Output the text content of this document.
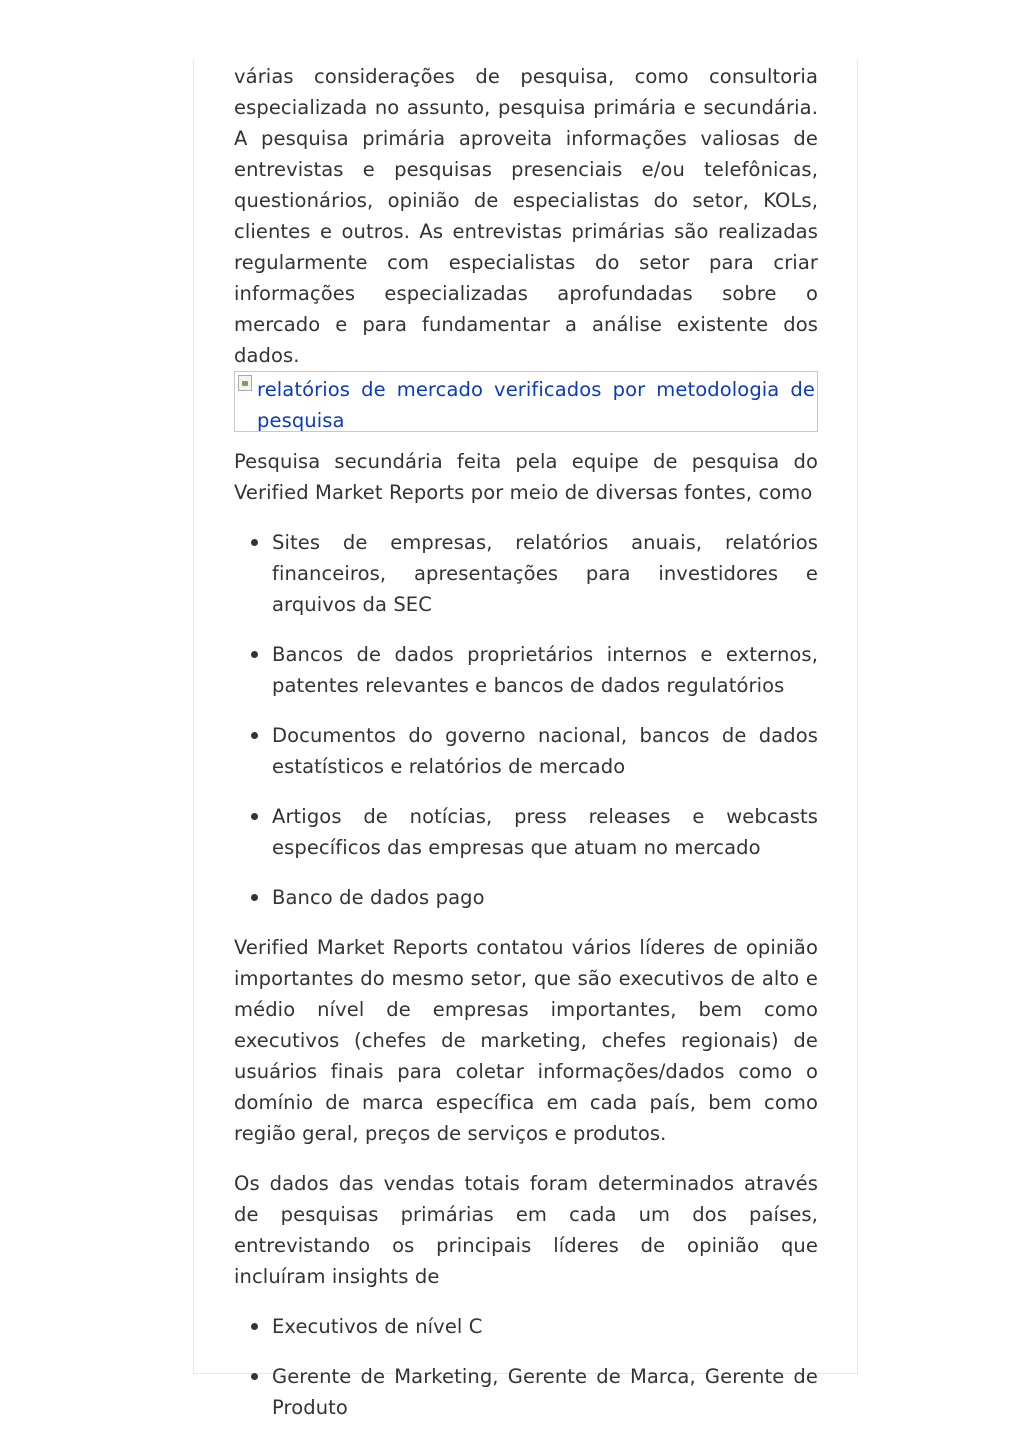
várias considerações de pesquisa, como consultoria especializada no assunto, pesquisa primária e secundária. A pesquisa primária aproveita informações valiosas de entrevistas e pesquisas presenciais e/ou telefônicas, questionários, opinião de especialistas do setor, KOLs, clientes e outros. As entrevistas primárias são realizadas regularmente com especialistas do setor para criar informações especializadas aprofundadas sobre o mercado e para fundamentar a análise existente dos dados.

relatórios de mercado verificados por metodologia de pesquisa

Pesquisa secundária feita pela equipe de pesquisa do Verified Market Reports por meio de diversas fontes, como

Sites de empresas, relatórios anuais, relatórios financeiros, apresentações para investidores e arquivos da SEC
Bancos de dados proprietários internos e externos, patentes relevantes e bancos de dados regulatórios
Documentos do governo nacional, bancos de dados estatísticos e relatórios de mercado
Artigos de notícias, press releases e webcasts específicos das empresas que atuam no mercado
Banco de dados pago

Verified Market Reports contatou vários líderes de opinião importantes do mesmo setor, que são executivos de alto e médio nível de empresas importantes, bem como executivos (chefes de marketing, chefes regionais) de usuários finais para coletar informações/dados como o domínio de marca específica em cada país, bem como região geral, preços de serviços e produtos.

Os dados das vendas totais foram determinados através de pesquisas primárias em cada um dos países, entrevistando os principais líderes de opinião que incluíram insights de

Executivos de nível C
Gerente de Marketing, Gerente de Marca, Gerente de Produto
